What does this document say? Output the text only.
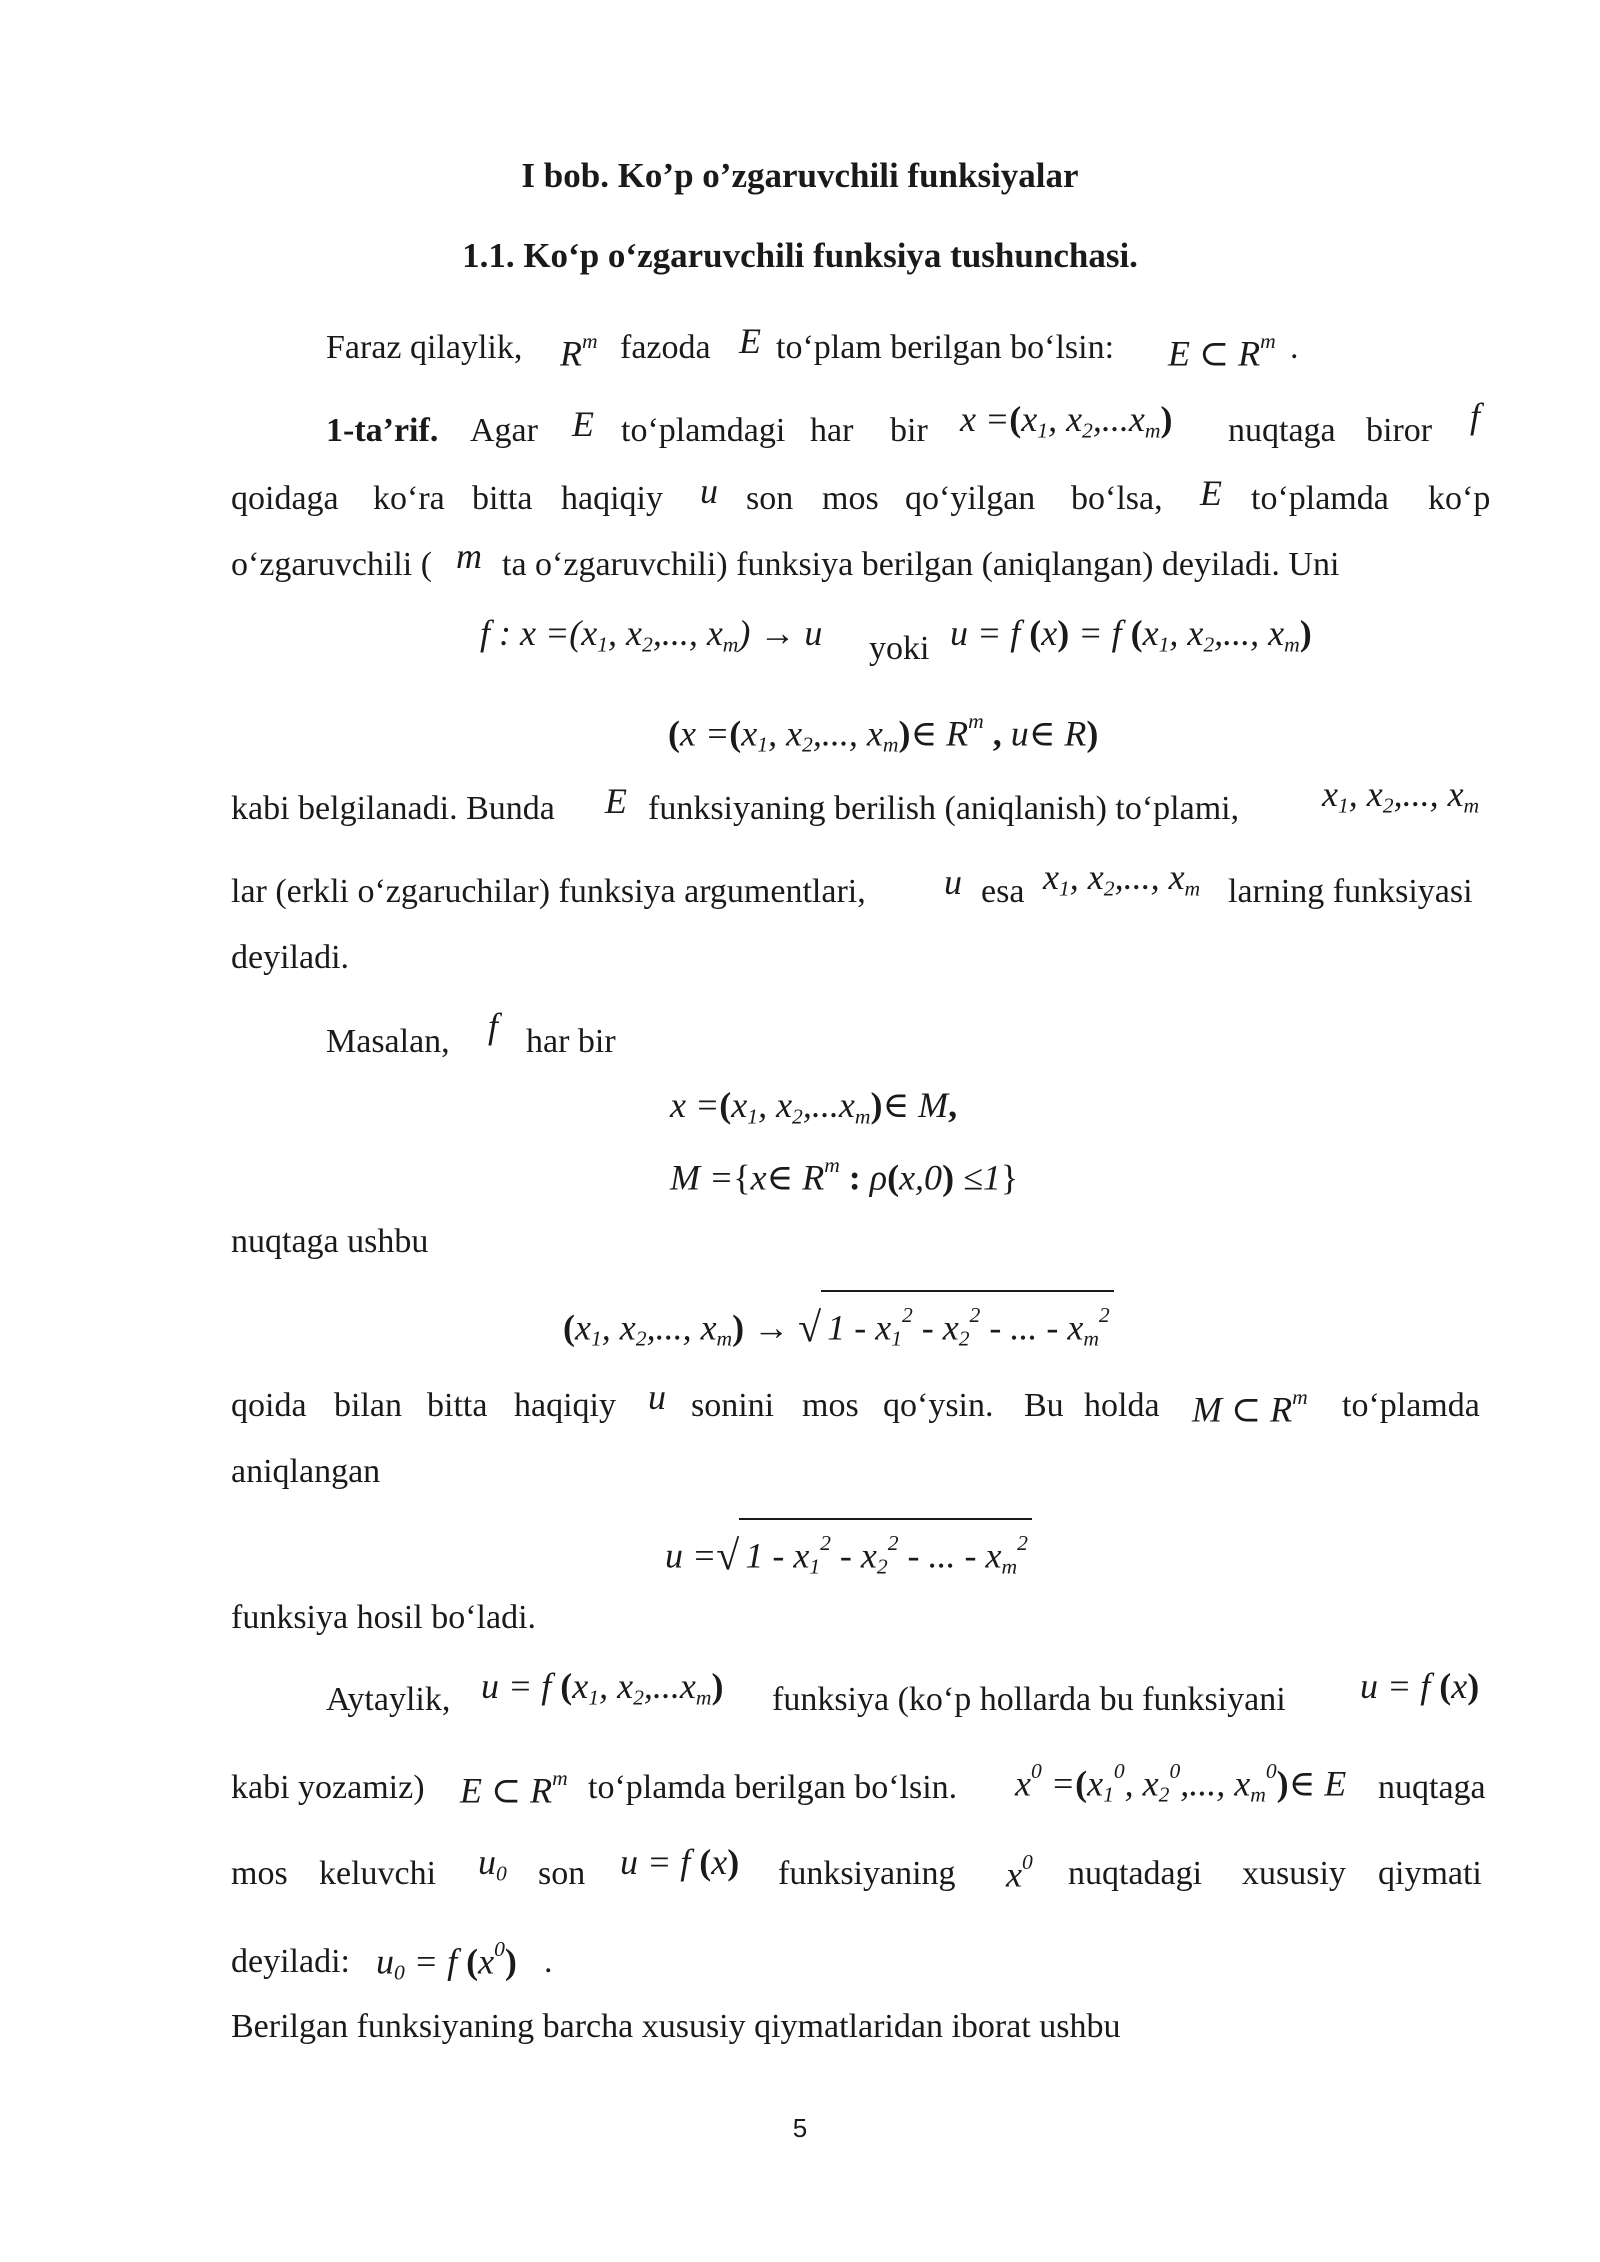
I bob. Ko’p o’zgaruvchili funksiyalar
1.1. Ko‘p o‘zgaruvchili funksiya tushunchasi.
Faraz qilaylik, $R^m$ fazoda E to‘plam berilgan bo‘lsin: E ⊂ $R^m$ .
1-ta’rif. Agar E to‘plamdagi har bir $x =(x_1$, $x_2,...x_m$) nuqtaga biror f
qoidaga ko‘ra bitta haqiqiy u son mos qo‘yilgan bo‘lsa, E to‘plamda ko‘p
o‘zgaruvchili ( m ta o‘zgaruvchili) funksiya berilgan (aniqlangan) deyiladi. Uni
f : $x =(x_1$, $x_2$,..., $x_m) \to u$ yoki u = f (x) = f ($x_1$, $x_2$,..., $x_m$)
($x =(x_1$, $x_2$,..., $x_m)\in$ $R^m$ , u∈ R)
kabi belgilanadi. Bunda E funksiyaning berilish (aniqlanish) to‘plami, $x_1$, $x_2$,..., $x_m$
lar (erkli o‘zgaruchilar) funksiya argumentlari, u esa $x_1$, $x_2$,..., $x_m$ larning funksiyasi
deyiladi.
Masalan, f har bir
$x =(x_1$, $x_2,...x_m)\in$ M,
M ={x∈ $R^m$ : ρ(x,0) ≤1}
nuqtaga ushbu
($x_1$, $x_2$,..., $x_m$) → √ $1 - x_1^2 - x_2^2$ - ... - $x_m^2$
qoida bilan bitta haqiqiy u sonini mos qo‘ysin. Bu holda M ⊂ $R^m$ to‘plamda
aniqlangan
u =√ $1 - x_1^2 - x_2^2$ - ... - $x_m^2$
funksiya hosil bo‘ladi.
Aytaylik, u = f ($x_1$, $x_2,...x_m$) funksiya (ko‘p hollarda bu funksiyani u = f (x)
kabi yozamiz) E ⊂ $R^m$ to‘plamda berilgan bo‘lsin. $x^0 =(x_1^0$, $x_2^0$,..., $x_m^0)\in$ E nuqtaga
mos keluvchi $u_0$ son u = f (x) funksiyaning $x^0$ nuqtadagi xususiy qiymati
deyiladi: $u_0 = f$ $(x^0)$ .
Berilgan funksiyaning barcha xususiy qiymatlaridan iborat ushbu
5
